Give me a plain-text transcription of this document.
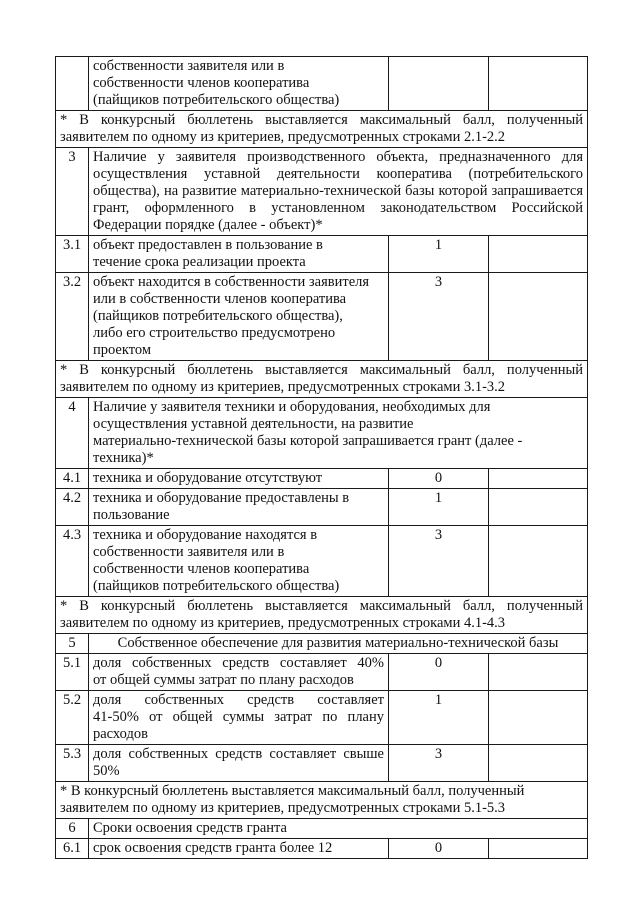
	собственности заявителя или в
собственности членов кооператива
(пайщиков потребительского общества)		

* В конкурсный бюллетень выставляется максимальный балл, полученный заявителем по одному из критериев, предусмотренных строками 2.1-2.2			
3	Наличие у заявителя производственного объекта, предназначенного для осуществления уставной деятельности кооператива (потребительского общества), на развитие материально-технической базы которой запрашивается грант, оформленного в установленном законодательством Российской Федерации порядке (далее - объект)*		
3.1	объект предоставлен в пользование в
течение срока реализации проекта	1	
3.2	объект находится в собственности заявителя
или в собственности членов кооператива
(пайщиков потребительского общества),
либо его строительство предусмотрено
проектом	3	
* В конкурсный бюллетень выставляется максимальный балл, полученный заявителем по одному из критериев, предусмотренных строками 3.1-3.2			
4	Наличие у заявителя техники и оборудования, необходимых для
осуществления уставной деятельности, на развитие
материально-технической базы которой запрашивается грант (далее -
техника)*		

4.1	техника и оборудование отсутствуют	0	
4.2	техника и оборудование предоставлены в
пользование	1	
4.3	техника и оборудование находятся в
собственности заявителя или в
собственности членов кооператива
(пайщиков потребительского общества)	3	
* В конкурсный бюллетень выставляется максимальный балл, полученный заявителем по одному из критериев, предусмотренных строками 4.1-4.3			
5	Собственное обеспечение для развития материально-технической базы		
5.1	доля собственных средств составляет 40%
от общей суммы затрат по плану расходов	0	
5.2	доля собственных средств составляет
41-50% от общей суммы затрат по плану
расходов	1	
5.3	доля собственных средств составляет свыше
50%	3	

* В конкурсный бюллетень выставляется максимальный балл, полученный
заявителем по одному из критериев, предусмотренных строками 5.1-5.3			

6	Сроки освоения средств гранта		
6.1	срок освоения средств гранта более 12	0	
